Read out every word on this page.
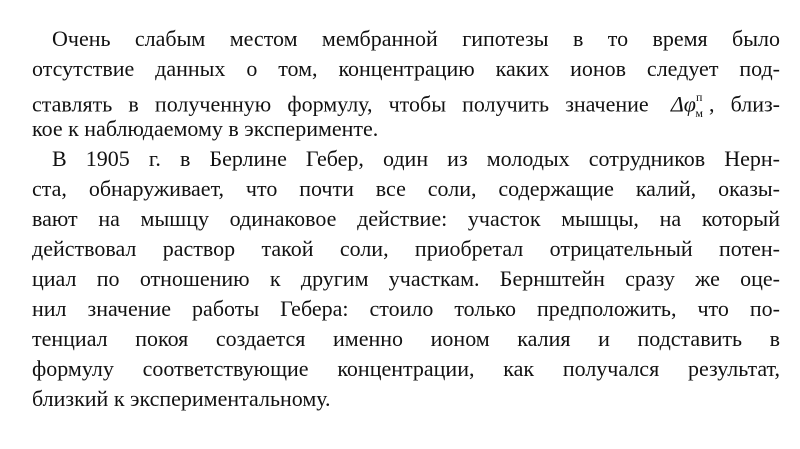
Очень слабым местом мембранной гипотезы в то время было
отсутствие данных о том, концентрацию каких ионов следует под-
ставлять в полученную формулу, чтобы получить значение $\Delta\varphi^п_м$ , близ-
кое к наблюдаемому в эксперименте.
В 1905 г. в Берлине Гебер, один из молодых сотрудников Нерн-
ста, обнаруживает, что почти все соли, содержащие калий, оказы-
вают на мышцу одинаковое действие: участок мышцы, на который
действовал раствор такой соли, приобретал отрицательный потен-
циал по отношению к другим участкам. Бернштейн сразу же оце-
нил значение работы Гебера: стоило только предположить, что по-
тенциал покоя создается именно ионом калия и подставить в
формулу соответствующие концентрации, как получался результат,
близкий к экспериментальному.
